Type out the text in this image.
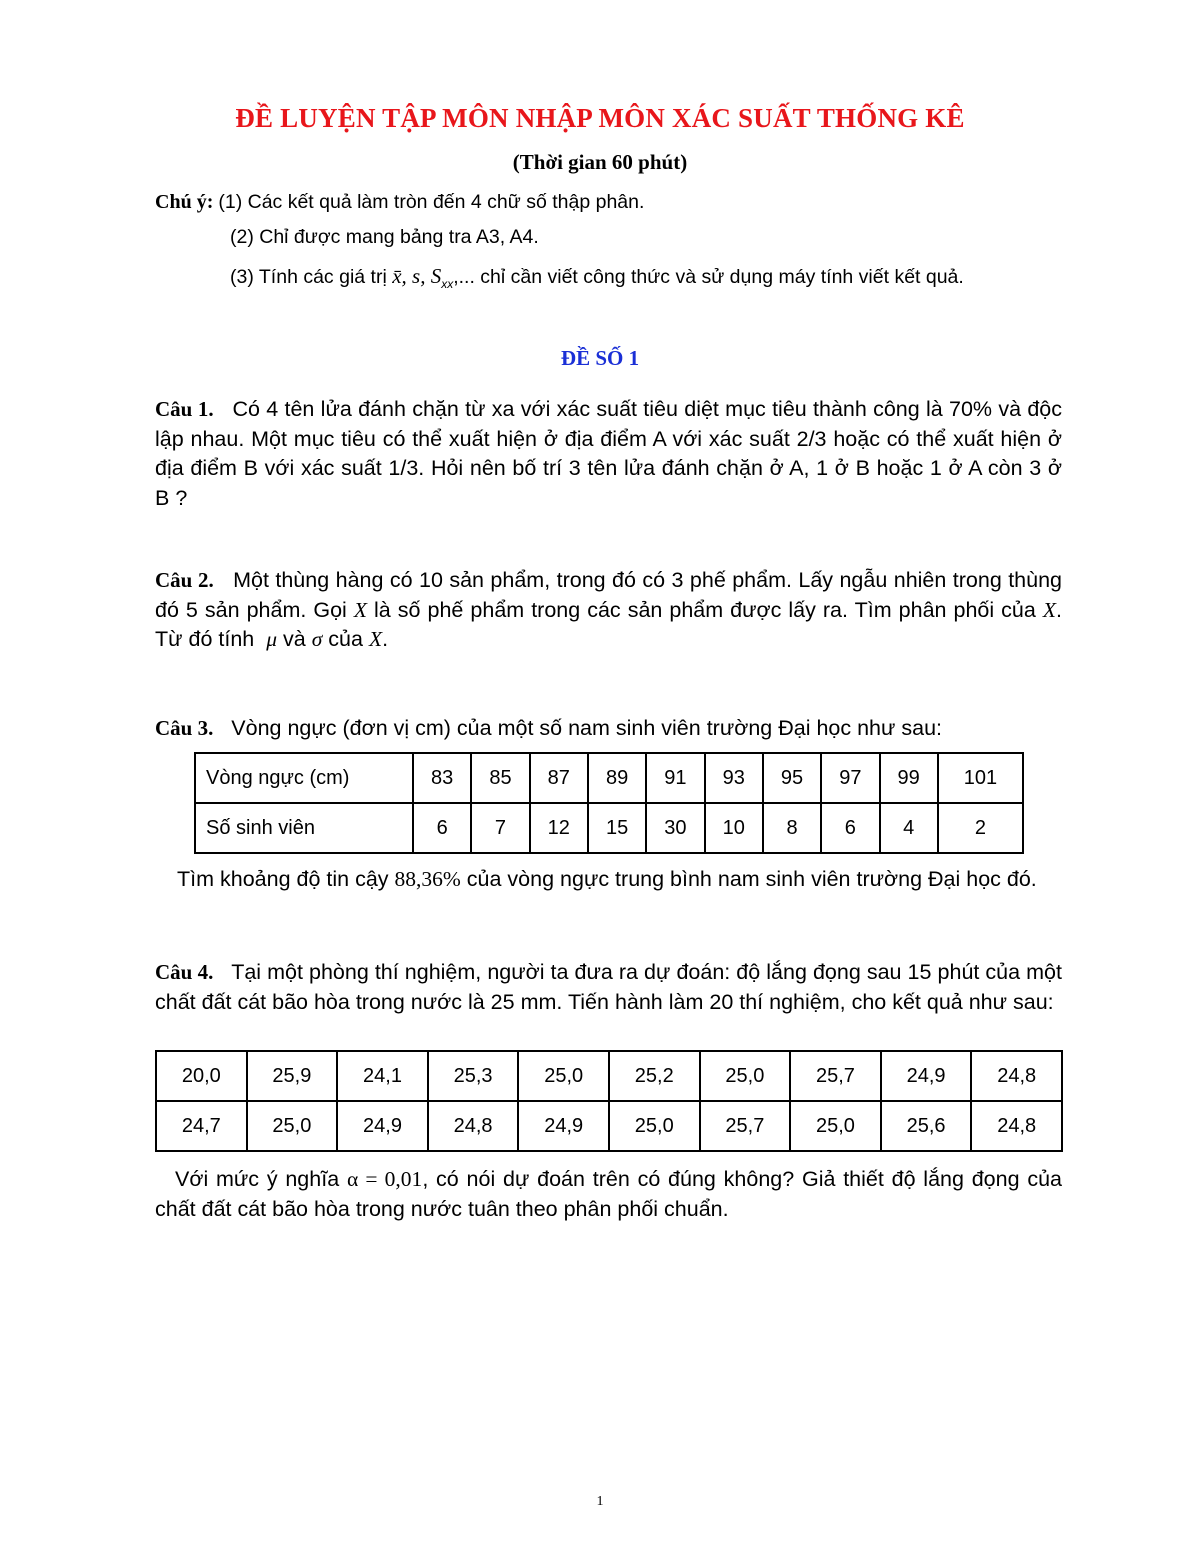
ĐỀ LUYỆN TẬP MÔN NHẬP MÔN XÁC SUẤT THỐNG KÊ
(Thời gian 60 phút)
Chú ý: (1) Các kết quả làm tròn đến 4 chữ số thập phân.
(2) Chỉ được mang bảng tra A3, A4.
(3) Tính các giá trị x̄, s, $S_{xx}$,... chỉ cần viết công thức và sử dụng máy tính viết kết quả.
ĐỀ SỐ 1
Câu 1. Có 4 tên lửa đánh chặn từ xa với xác suất tiêu diệt mục tiêu thành công là 70% và độc lập nhau. Một mục tiêu có thể xuất hiện ở địa điểm A với xác suất 2/3 hoặc có thể xuất hiện ở địa điểm B với xác suất 1/3. Hỏi nên bố trí 3 tên lửa đánh chặn ở A, 1 ở B hoặc 1 ở A còn 3 ở B ?
Câu 2. Một thùng hàng có 10 sản phẩm, trong đó có 3 phế phẩm. Lấy ngẫu nhiên trong thùng đó 5 sản phẩm. Gọi X là số phế phẩm trong các sản phẩm được lấy ra. Tìm phân phối của X. Từ đó tính μ và σ của X.
Câu 3. Vòng ngực (đơn vị cm) của một số nam sinh viên trường Đại học như sau:
Vòng ngực (cm)	83	85	87	89	91	93	95	97	99	101
Số sinh viên	6	7	12	15	30	10	8	6	4	2
Tìm khoảng độ tin cậy 88,36% của vòng ngực trung bình nam sinh viên trường Đại học đó.
Câu 4. Tại một phòng thí nghiệm, người ta đưa ra dự đoán: độ lắng đọng sau 15 phút của một chất đất cát bão hòa trong nước là 25 mm. Tiến hành làm 20 thí nghiệm, cho kết quả như sau:
20,0	25,9	24,1	25,3	25,0	25,2	25,0	25,7	24,9	24,8
24,7	25,0	24,9	24,8	24,9	25,0	25,7	25,0	25,6	24,8
Với mức ý nghĩa α = 0,01, có nói dự đoán trên có đúng không? Giả thiết độ lắng đọng của chất đất cát bão hòa trong nước tuân theo phân phối chuẩn.
1
